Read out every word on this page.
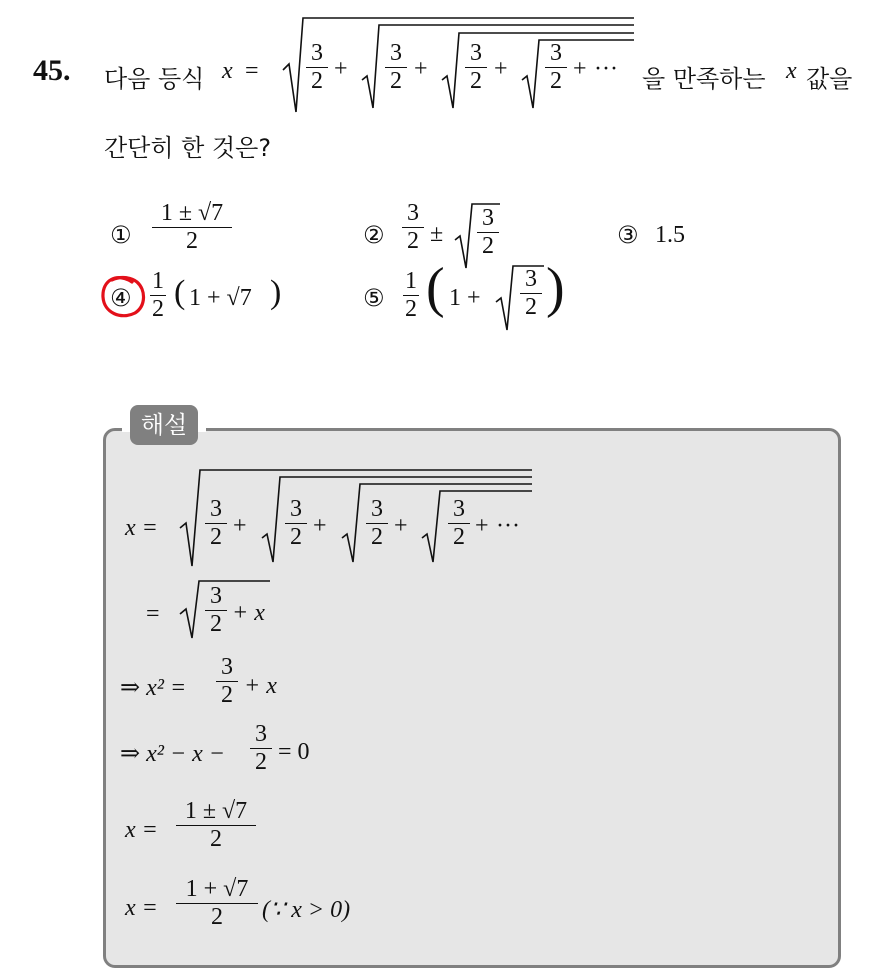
45. 다음 등식 x =
3
2 +
3
2 +
3
2 +
3
2 + ··· 을 만족하는 x 값을
간단히 한 것은?
①
1 ± √7
2	②
3
2 ±
3
2	③ 1.5
④
1
2 ( 1 + √7 )	⑤
1
2 ( 1 +
3
2 )
해설
x =
3
2 +
3
2 +
3
2 +
3
2 + ···
=
3
2 + x
⇒ x² =
3
2 + x
⇒ x² − x −
3
2 = 0
x =
1 ± √7
2
x =
1 + √7
2	(∵ x > 0)
